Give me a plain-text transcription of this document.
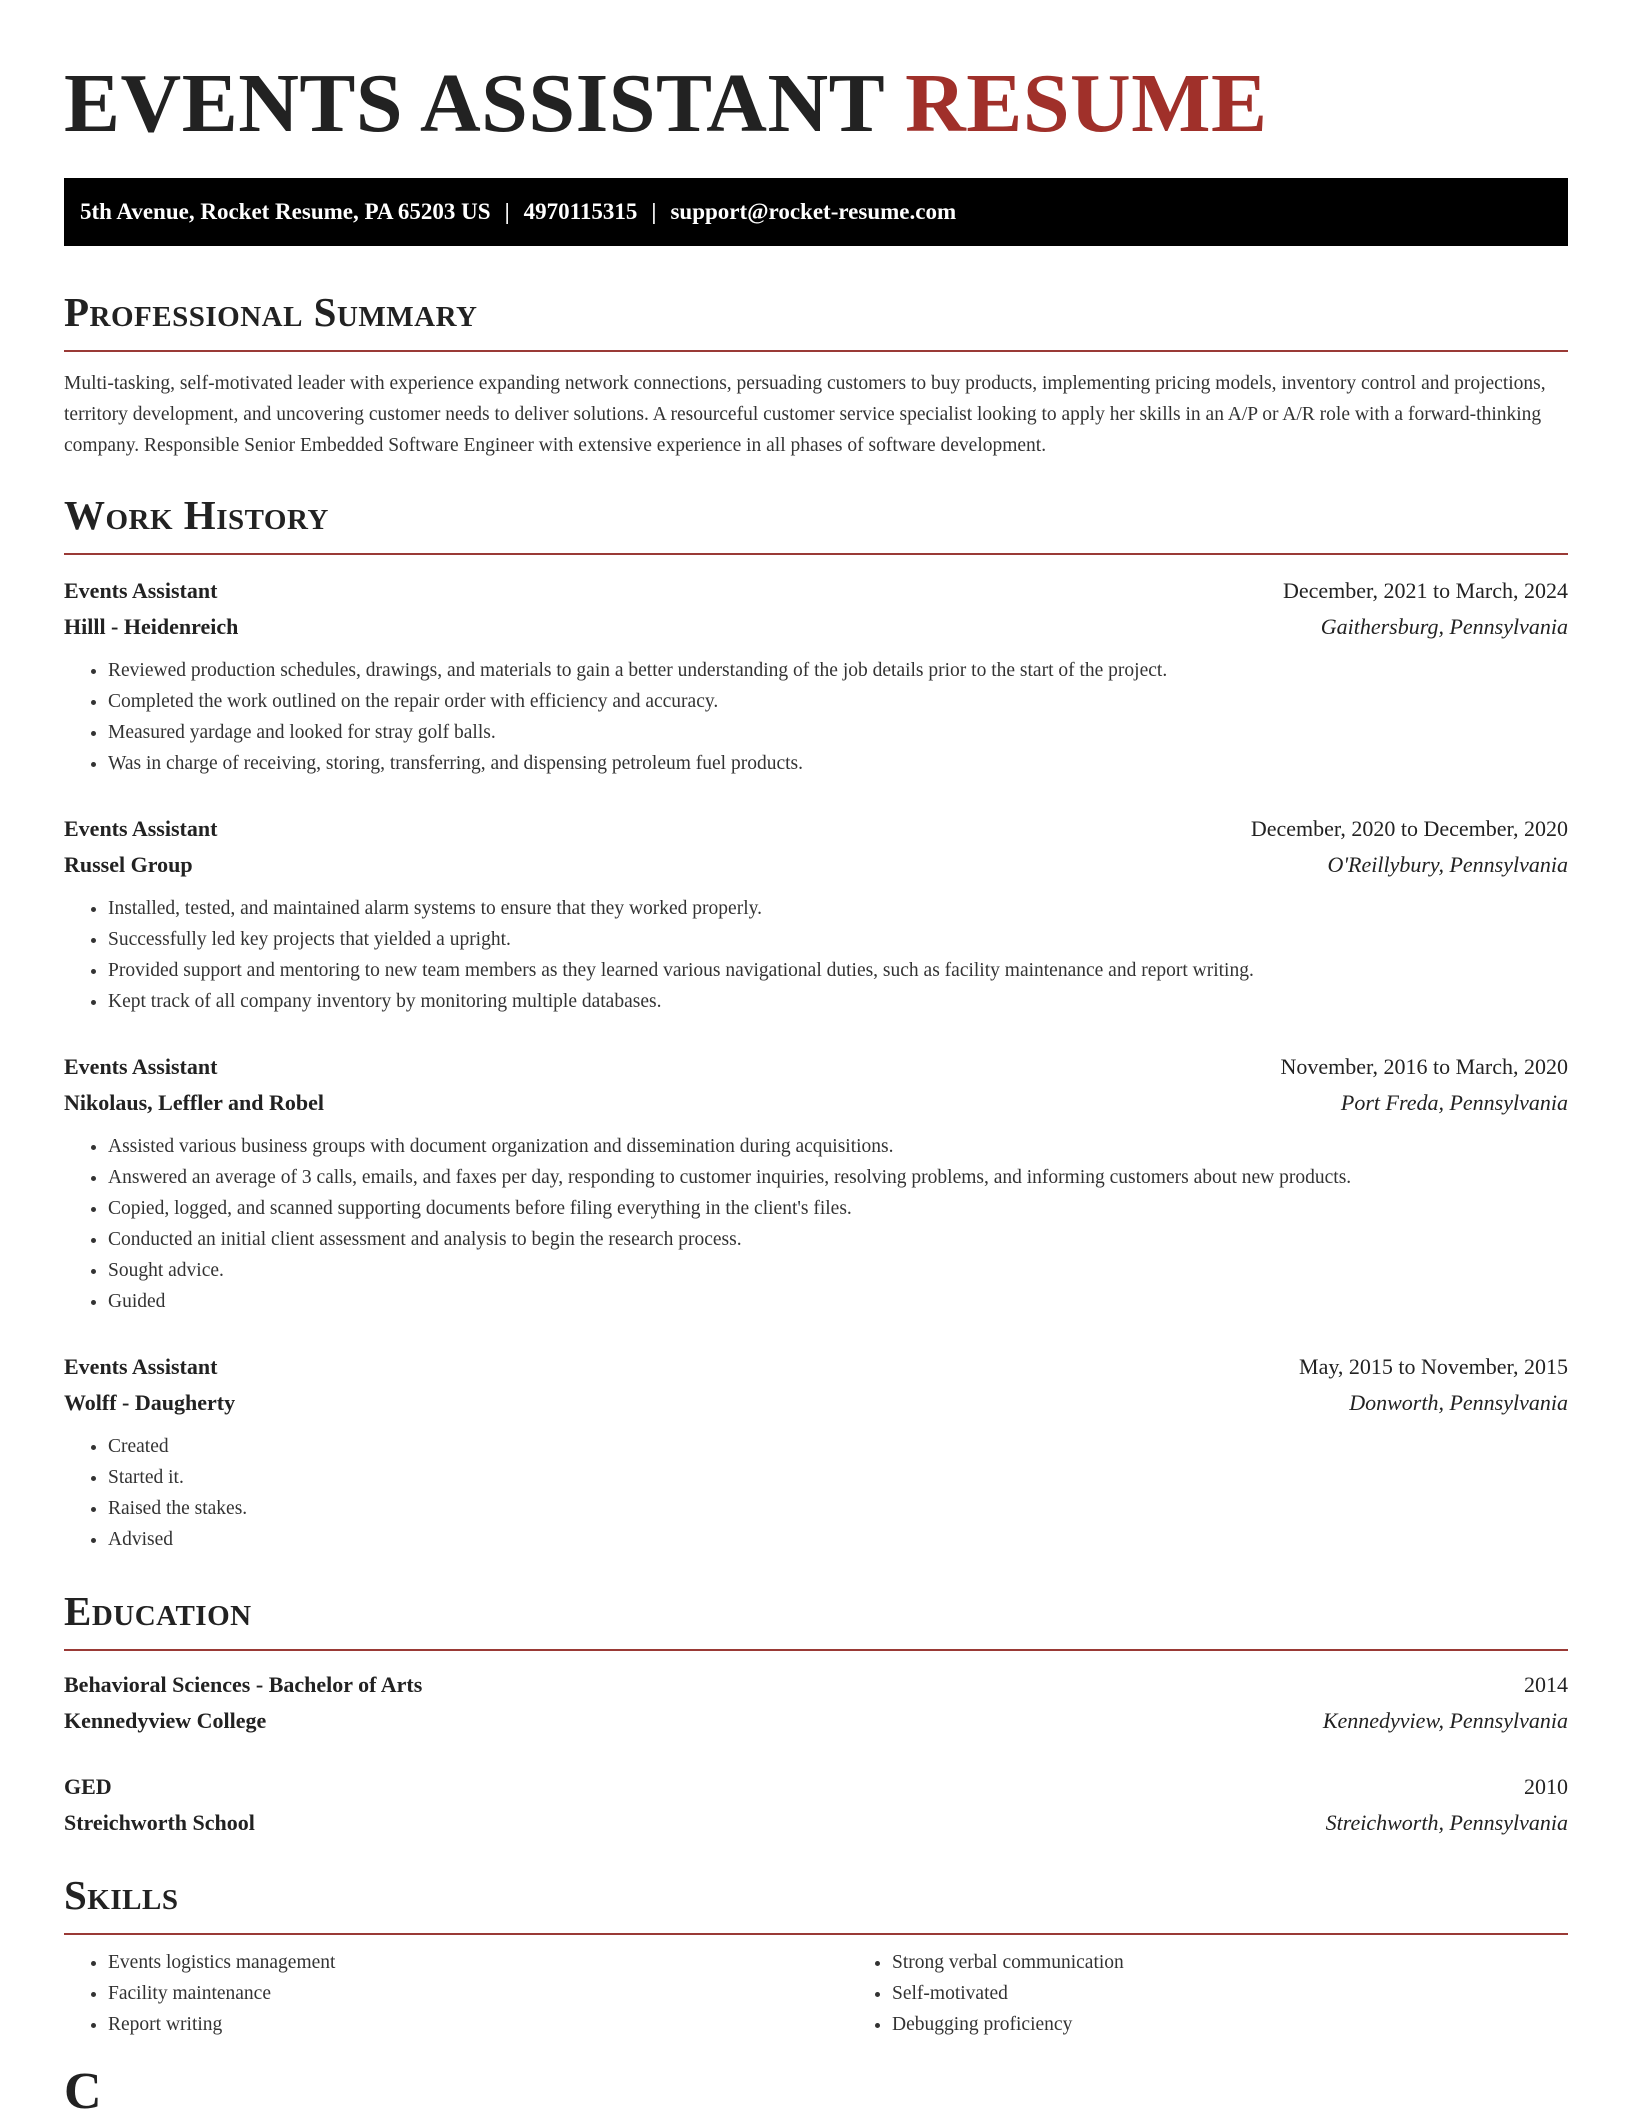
EVENTS ASSISTANT RESUME
5th Avenue, Rocket Resume, PA 65203 US | 4970115315 | support@rocket-resume.com
Professional Summary

Multi-tasking, self-motivated leader with experience expanding network connections, persuading customers to buy products, implementing pricing models, inventory control and projections, territory development, and uncovering customer needs to deliver solutions. A resourceful customer service specialist looking to apply her skills in an A/P or A/R role with a forward-thinking company. Responsible Senior Embedded Software Engineer with extensive experience in all phases of software development.

Work History
Events Assistant	December, 2021 to March, 2024
Hilll - Heidenreich	Gaithersburg, Pennsylvania
• Reviewed production schedules, drawings, and materials to gain a better understanding of the job details prior to the start of the project.
• Completed the work outlined on the repair order with efficiency and accuracy.
• Measured yardage and looked for stray golf balls.
• Was in charge of receiving, storing, transferring, and dispensing petroleum fuel products.
Events Assistant	December, 2020 to December, 2020
Russel Group	O'Reillybury, Pennsylvania
• Installed, tested, and maintained alarm systems to ensure that they worked properly.
• Successfully led key projects that yielded a upright.
• Provided support and mentoring to new team members as they learned various navigational duties, such as facility maintenance and report writing.
• Kept track of all company inventory by monitoring multiple databases.
Events Assistant	November, 2016 to March, 2020
Nikolaus, Leffler and Robel	Port Freda, Pennsylvania
• Assisted various business groups with document organization and dissemination during acquisitions.
• Answered an average of 3 calls, emails, and faxes per day, responding to customer inquiries, resolving problems, and informing customers about new products.
• Copied, logged, and scanned supporting documents before filing everything in the client's files.
• Conducted an initial client assessment and analysis to begin the research process.
• Sought advice.
• Guided
Events Assistant	May, 2015 to November, 2015
Wolff - Daugherty	Donworth, Pennsylvania
• Created
• Started it.
• Raised the stakes.
• Advised
Education
Behavioral Sciences - Bachelor of Arts	2014
Kennedyview College	Kennedyview, Pennsylvania
GED	2010
Streichworth School	Streichworth, Pennsylvania
Skills
• Events logistics management
• Facility maintenance
• Report writing
• Strong verbal communication
• Self-motivated
• Debugging proficiency
C
